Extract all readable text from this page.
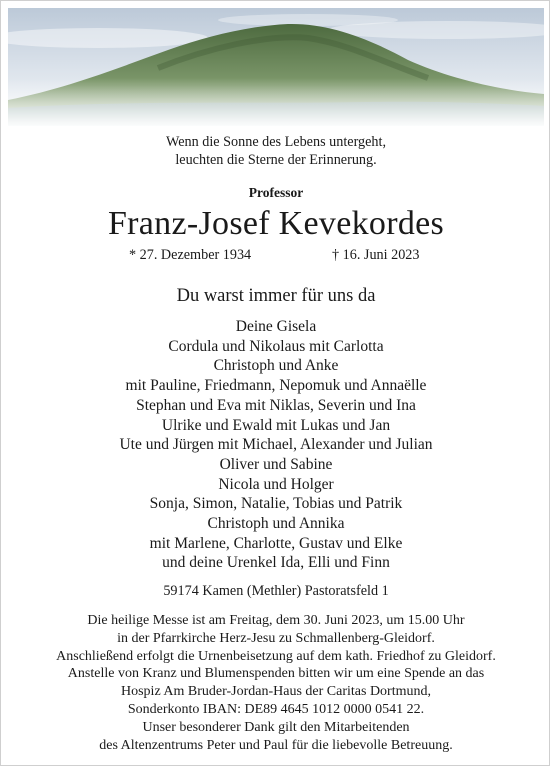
Wenn die Sonne des Lebens untergeht,
leuchten die Sterne der Erinnerung.
Professor
Franz-Josef Kevekordes
* 27. Dezember 1934	† 16. Juni 2023
Du warst immer für uns da
Deine Gisela
Cordula und Nikolaus mit Carlotta
Christoph und Anke
mit Pauline, Friedmann, Nepomuk und Annaëlle
Stephan und Eva mit Niklas, Severin und Ina
Ulrike und Ewald mit Lukas und Jan
Ute und Jürgen mit Michael, Alexander und Julian
Oliver und Sabine
Nicola und Holger
Sonja, Simon, Natalie, Tobias und Patrik
Christoph und Annika
mit Marlene, Charlotte, Gustav und Elke
und deine Urenkel Ida, Elli und Finn
59174 Kamen (Methler) Pastoratsfeld 1
Die heilige Messe ist am Freitag, dem 30. Juni 2023, um 15.00 Uhr
in der Pfarrkirche Herz-Jesu zu Schmallenberg-Gleidorf.
Anschließend erfolgt die Urnenbeisetzung auf dem kath. Friedhof zu Gleidorf.
Anstelle von Kranz und Blumenspenden bitten wir um eine Spende an das
Hospiz Am Bruder-Jordan-Haus der Caritas Dortmund,
Sonderkonto IBAN: DE89 4645 1012 0000 0541 22.
Unser besonderer Dank gilt den Mitarbeitenden
des Altenzentrums Peter und Paul für die liebevolle Betreuung.
